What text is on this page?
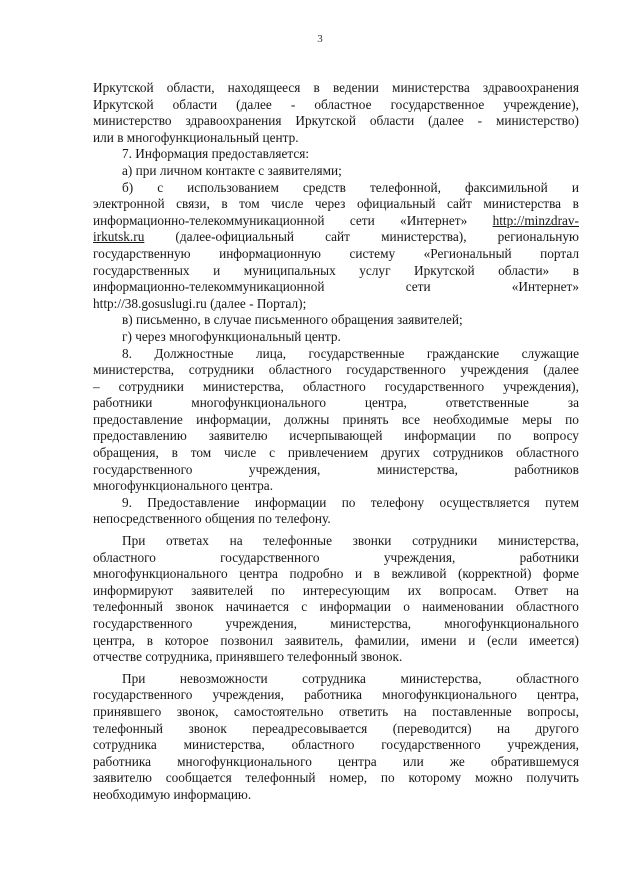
3
Иркутской области, находящееся в ведении министерства здравоохранения
Иркутской области (далее - областное государственное учреждение),
министерство здравоохранения Иркутской области (далее - министерство)
или в многофункциональный центр.
7. Информация предоставляется:
а) при личном контакте с заявителями;
б) с использованием средств телефонной, факсимильной и
электронной связи, в том числе через официальный сайт министерства в
информационно-телекоммуникационной сети «Интернет» http://minzdrav-
irkutsk.ru (далее-официальный сайт министерства), региональную
государственную информационную систему «Региональный портал
государственных и муниципальных услуг Иркутской области» в
информационно-телекоммуникационной	сети	«Интернет»
http://38.gosuslugi.ru (далее - Портал);
в) письменно, в случае письменного обращения заявителей;
г) через многофункциональный центр.
8. Должностные лица, государственные гражданские служащие
министерства, сотрудники областного государственного учреждения (далее
– сотрудники министерства, областного государственного учреждения),
работники	многофункционального	центра,	ответственные	за
предоставление информации, должны принять все необходимые меры по
предоставлению заявителю исчерпывающей информации по вопросу
обращения, в том числе с привлечением других сотрудников областного
государственного	учреждения,	министерства,	работников
многофункционального центра.
9. Предоставление информации по телефону осуществляется путем
непосредственного общения по телефону.
При ответах на телефонные звонки сотрудники министерства,
областного	государственного	учреждения,	работники
многофункционального центра подробно и в вежливой (корректной) форме
информируют заявителей по интересующим их вопросам. Ответ на
телефонный звонок начинается с информации о наименовании областного
государственного учреждения, министерства, многофункционального
центра, в которое позвонил заявитель, фамилии, имени и (если имеется)
отчестве сотрудника, принявшего телефонный звонок.
При	невозможности	сотрудника	министерства,	областного
государственного учреждения, работника многофункционального центра,
принявшего звонок, самостоятельно ответить на поставленные вопросы,
телефонный звонок переадресовывается (переводится) на другого
сотрудника министерства, областного государственного учреждения,
работника многофункционального центра или же обратившемуся
заявителю сообщается телефонный номер, по которому можно получить
необходимую информацию.
